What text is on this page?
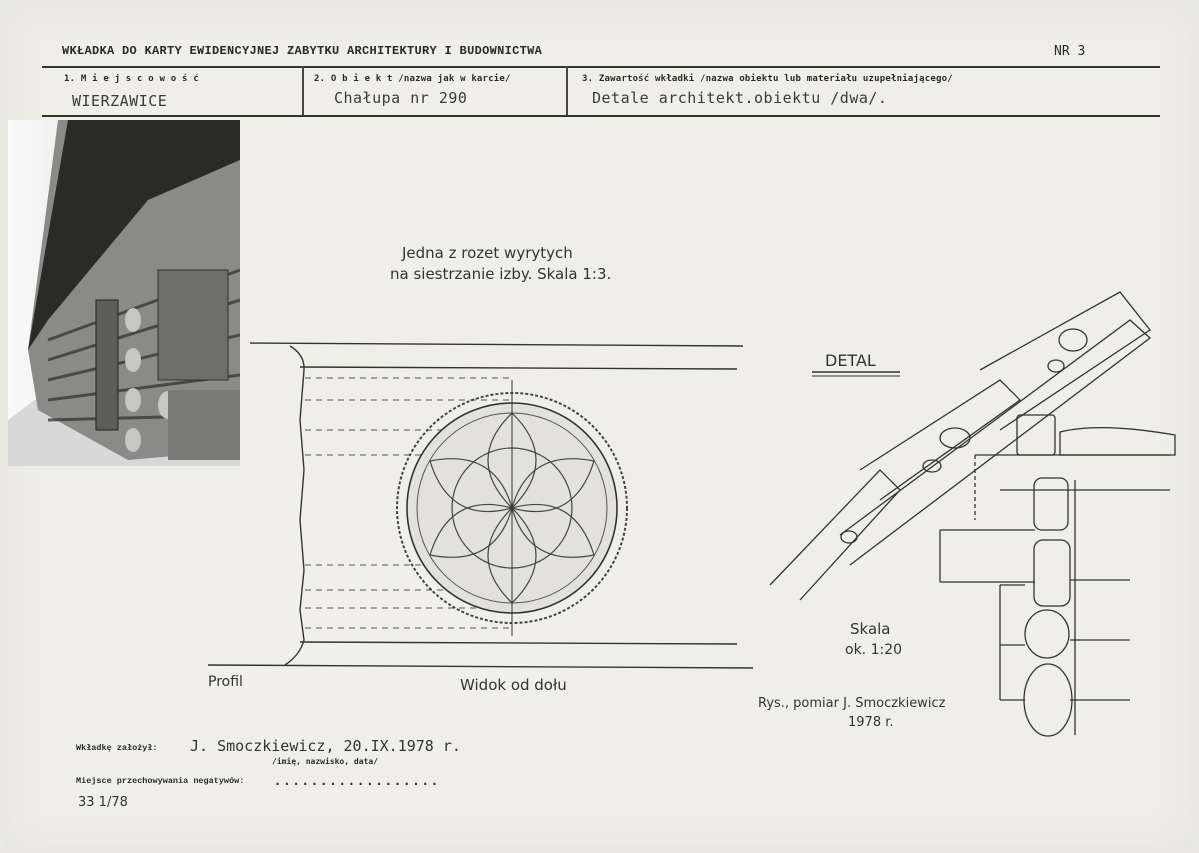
WKŁADKA DO KARTY EWIDENCYJNEJ ZABYTKU ARCHITEKTURY I BUDOWNICTWA	NR 3
1. M i e j s c o w o ś ć
WIERZAWICE
2. O b i e k t /nazwa jak w karcie/
Chałupa nr 290
3. Zawartość wkładki /nazwa obiektu lub materiału uzupełniającego/
Detale architekt.obiektu /dwa/.
Jedna z rozet wyrytych
na siestrzanie izby. Skala 1:3.
Profil	Widok od dołu
DETAL
Skala
ok. 1:20
Rys., pomiar J. Smoczkiewicz
1978 r.
Wkładkę założył: J. Smoczkiewicz, 20.IX.1978 r.
/imię, nazwisko, data/
Miejsce przechowywania negatywów: ..................
33 1/78
